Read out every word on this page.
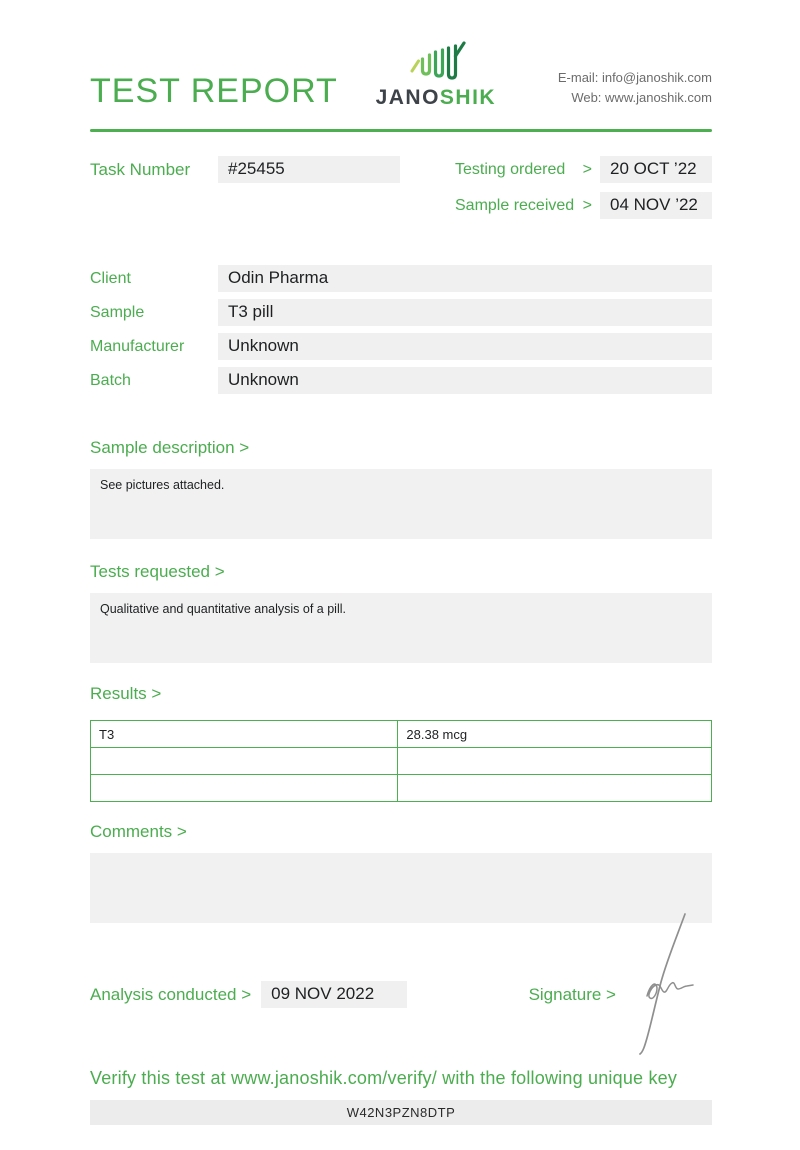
TEST REPORT JANOSHIK
E-mail: info@janoshik.com
Web: www.janoshik.com
Task Number	#25455	Testing ordered	>	20 OCT ’22
Sample received >	04 NOV ’22
Client	Odin Pharma
Sample	T3 pill
Manufacturer	Unknown
Batch	Unknown
Sample description >
See pictures attached.
Tests requested >
Qualitative and quantitative analysis of a pill.
Results >
T3	28.38 mcg

Comments >
Analysis conducted >	09 NOV 2022	Signature >
Verify this test at www.janoshik.com/verify/ with the following unique key
W42N3PZN8DTP
